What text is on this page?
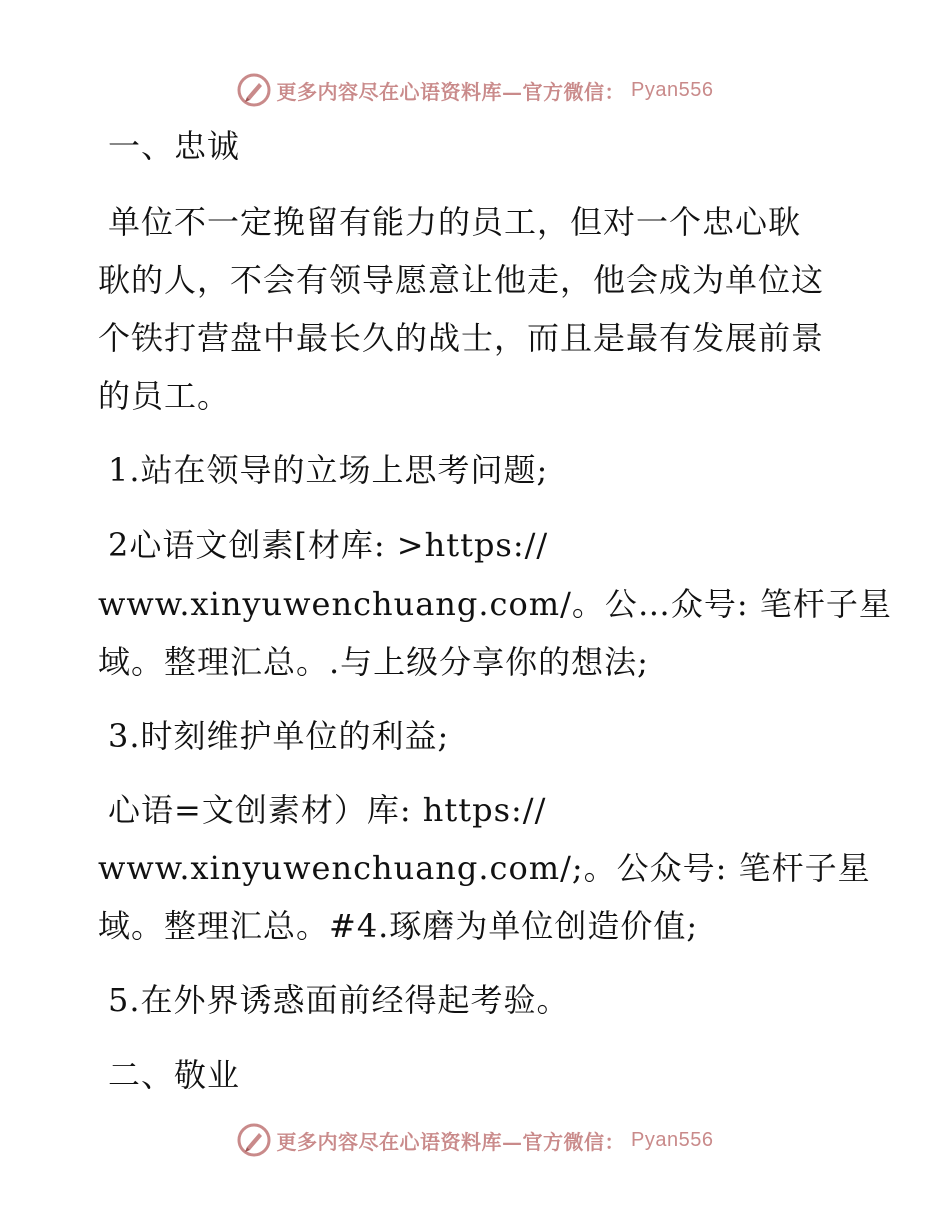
更多内容尽在心语资料库—官方微信： Pyan556
一、忠诚
单位不一定挽留有能力的员工，但对一个忠心耿
耿的人，不会有领导愿意让他走，他会成为单位这
个铁打营盘中最长久的战士，而且是最有发展前景
的员工。
1.站在领导的立场上思考问题;
2心语文创素[材库: >https://
www.xinyuwenchuang.com/。公…众号: 笔杆子星
域。整理汇总。.与上级分享你的想法;
3.时刻维护单位的利益;
心语=文创素材）库: https://
www.xinyuwenchuang.com/;。公众号: 笔杆子星
域。整理汇总。#4.琢磨为单位创造价值;
5.在外界诱惑面前经得起考验。
二、敬业
更多内容尽在心语资料库—官方微信： Pyan556
